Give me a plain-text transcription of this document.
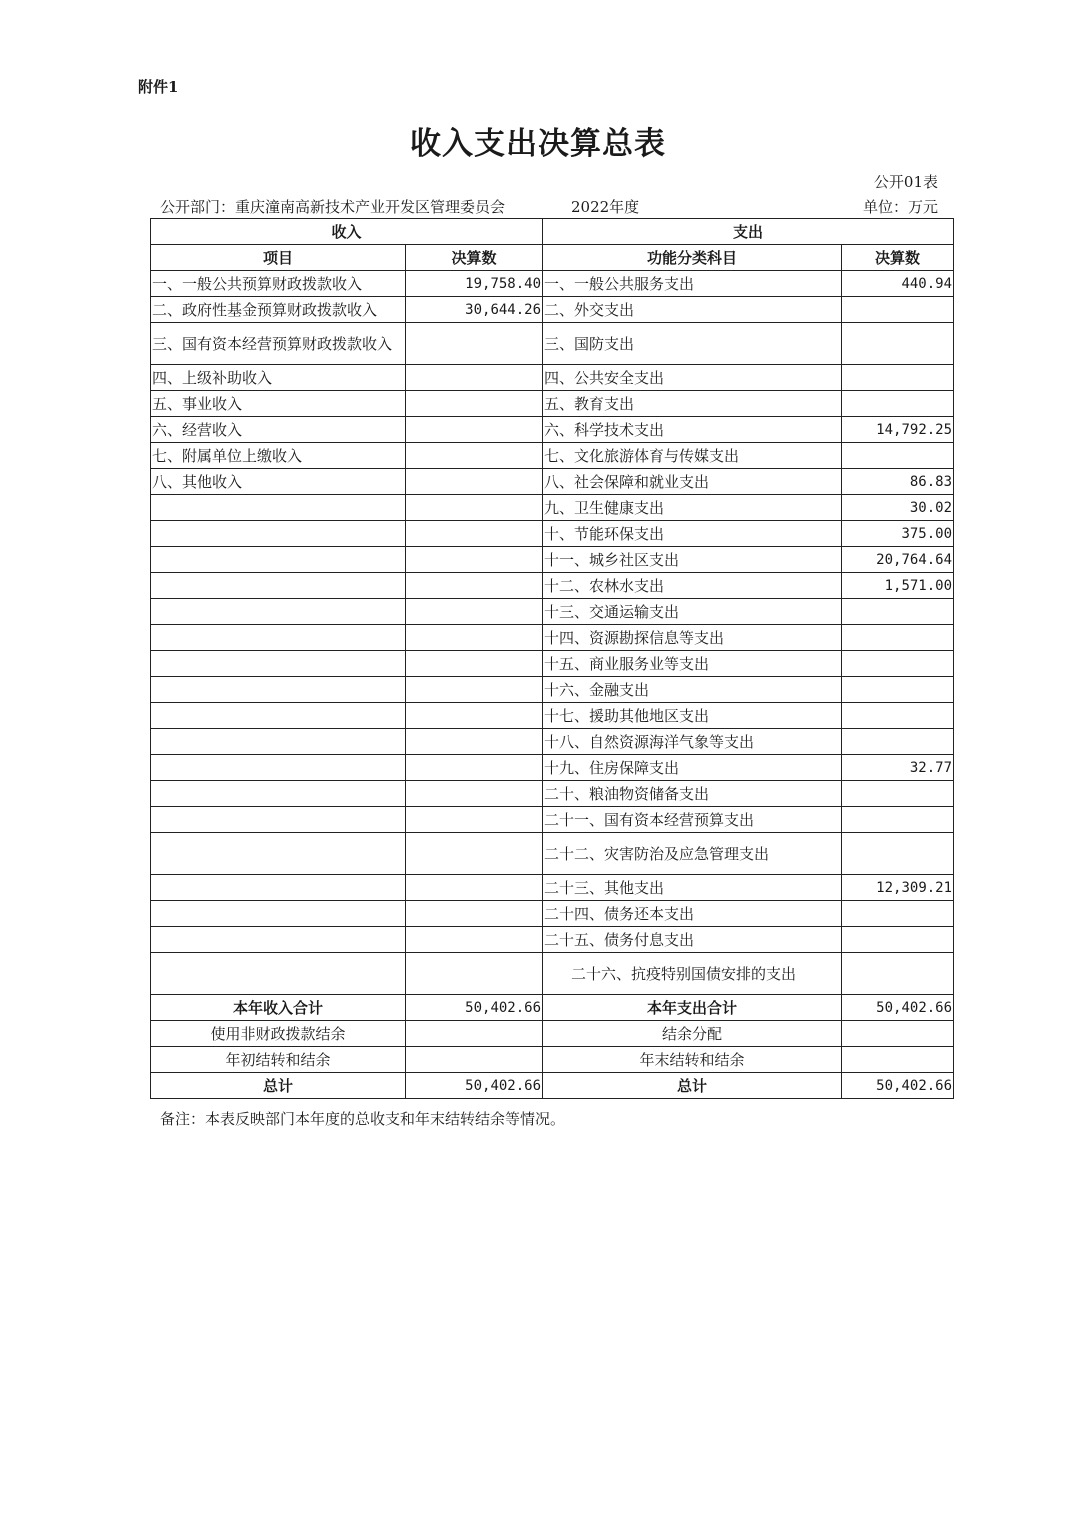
附件1
收入支出决算总表
公开01表
公开部门：重庆潼南高新技术产业开发区管理委员会	2022年度	单位：万元
收入		支出	
项目	决算数	功能分类科目	决算数
一、一般公共预算财政拨款收入	19,758.40	一、一般公共服务支出	440.94
二、政府性基金预算财政拨款收入	30,644.26	二、外交支出	
三、国有资本经营预算财政拨款收入		三、国防支出	
四、上级补助收入		四、公共安全支出	
五、事业收入		五、教育支出	
六、经营收入		六、科学技术支出	14,792.25
七、附属单位上缴收入		七、文化旅游体育与传媒支出	
八、其他收入		八、社会保障和就业支出	86.83
		九、卫生健康支出	30.02
		十、节能环保支出	375.00
		十一、城乡社区支出	20,764.64
		十二、农林水支出	1,571.00
		十三、交通运输支出	
		十四、资源勘探信息等支出	
		十五、商业服务业等支出	
		十六、金融支出	
		十七、援助其他地区支出	
		十八、自然资源海洋气象等支出	
		十九、住房保障支出	32.77
		二十、粮油物资储备支出	
		二十一、国有资本经营预算支出	
		二十二、灾害防治及应急管理支出	
		二十三、其他支出	12,309.21
		二十四、债务还本支出	
		二十五、债务付息支出	
		二十六、抗疫特别国债安排的支出	
本年收入合计	50,402.66	本年支出合计	50,402.66
使用非财政拨款结余		结余分配	
年初结转和结余		年末结转和结余	
总计	50,402.66	总计	50,402.66
备注：本表反映部门本年度的总收支和年末结转结余等情况。
